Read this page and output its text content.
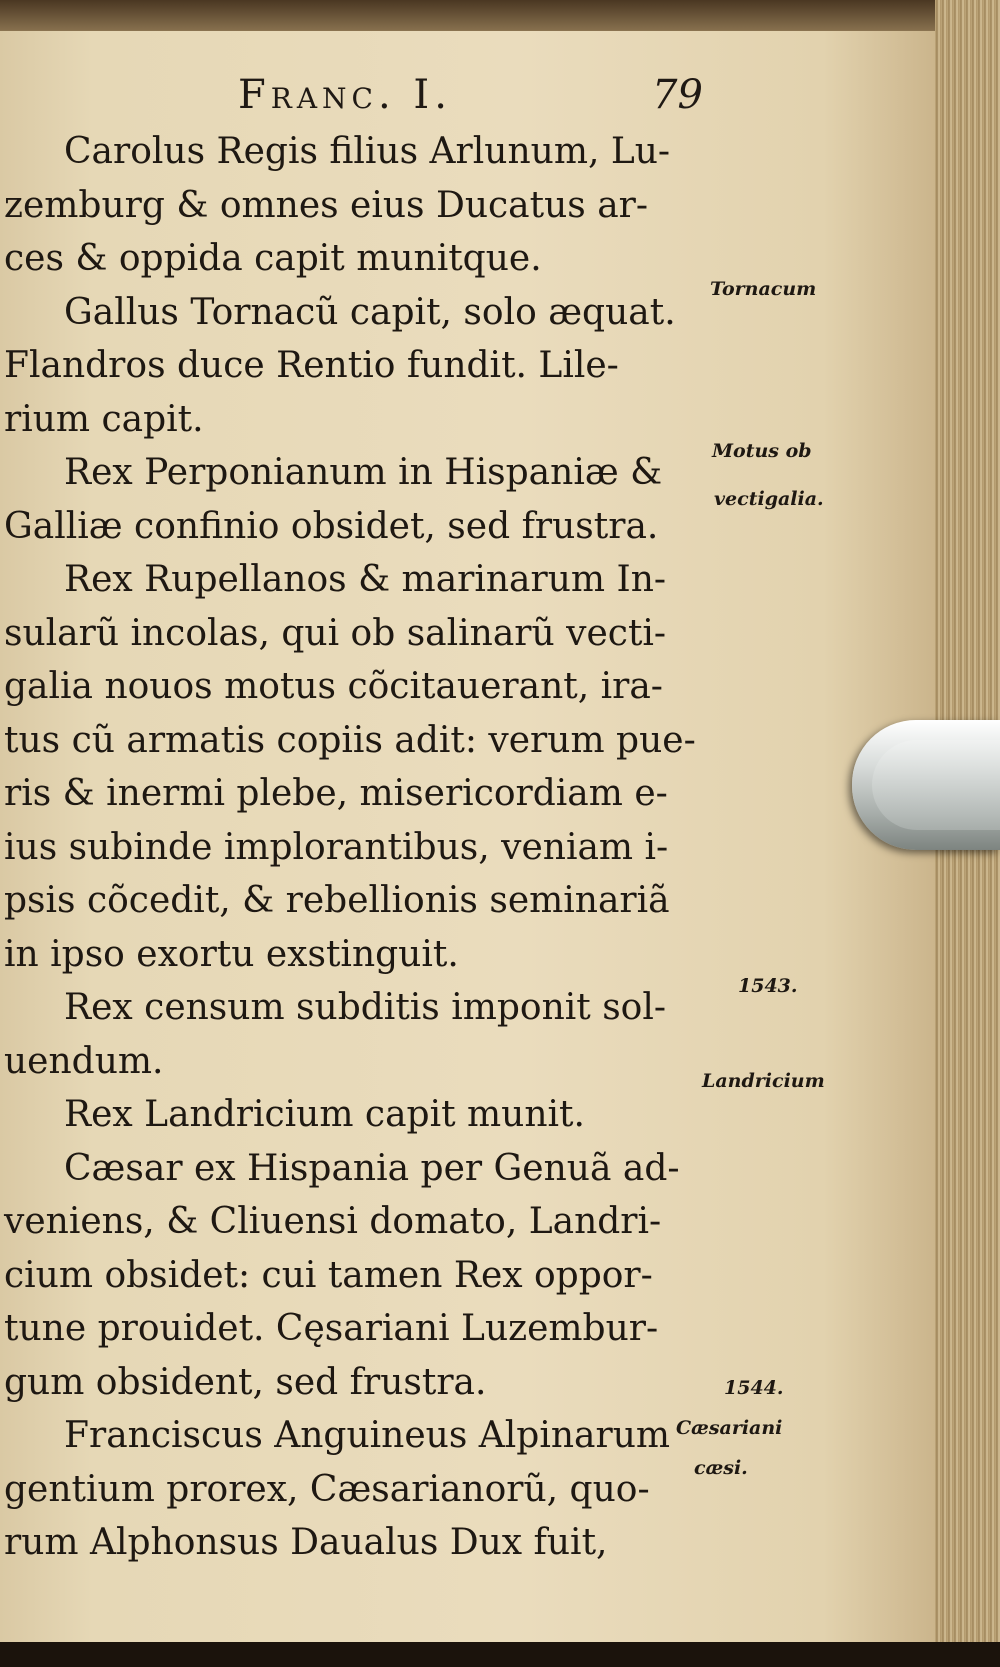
Franc. I.	79
Carolus Regis filius Arlunum, Lu-
zemburg & omnes eius Ducatus ar-
ces & oppida capit munitque.
Gallus Tornacũ capit, solo æquat.
Flandros duce Rentio fundit. Lile-
rium capit.
Rex Perponianum in Hispaniæ &
Galliæ confinio obsidet, sed frustra.
Rex Rupellanos & marinarum In-
sularũ incolas, qui ob salinarũ vecti-
galia nouos motus cõcitauerant, ira-
tus cũ armatis copiis adit: verum pue-
ris & inermi plebe, misericordiam e-
ius subinde implorantibus, veniam i-
psis cõcedit, & rebellionis seminariã
in ipso exortu exstinguit.
Rex censum subditis imponit sol-
uendum.
Rex Landricium capit munit.
Cæsar ex Hispania per Genuã ad-
veniens, & Cliuensi domato, Landri-
cium obsidet: cui tamen Rex oppor-
tune prouidet. Cęsariani Luzembur-
gum obsident, sed frustra.
Franciscus Anguineus Alpinarum
gentium prorex, Cæsarianorũ, quo-
rum Alphonsus Daualus Dux fuit,
Tornacum
Motus ob
vectigalia.
1543.
Landricium
1544.
Cæsariani
cæsi.
